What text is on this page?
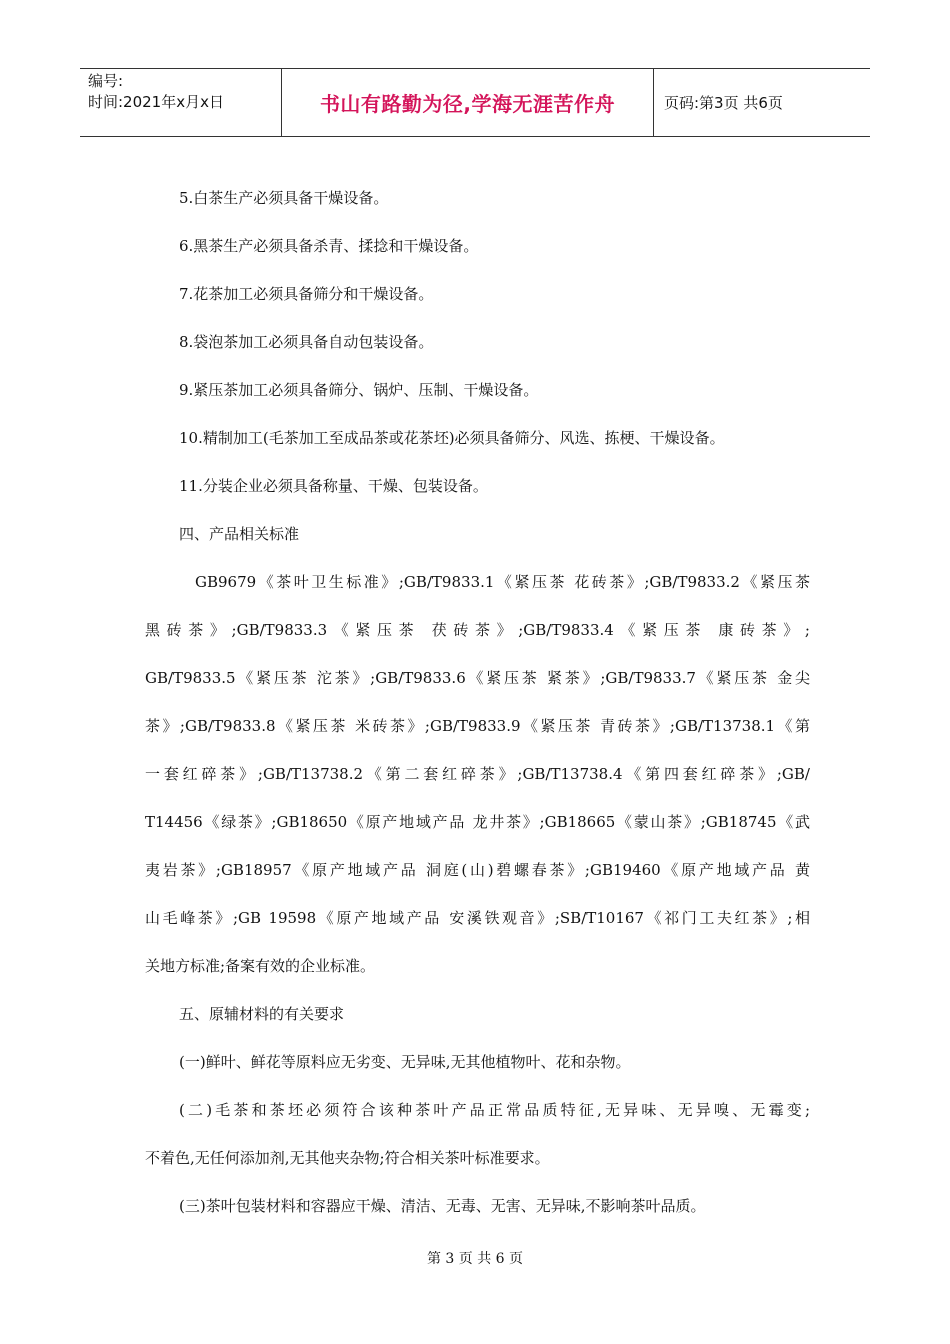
编号:
时间:2021年x月x日	书山有路勤为径,学海无涯苦作舟	页码:第3页 共6页

5.白茶生产必须具备干燥设备。

6.黑茶生产必须具备杀青、揉捻和干燥设备。

7.花茶加工必须具备筛分和干燥设备。

8.袋泡茶加工必须具备自动包装设备。

9.紧压茶加工必须具备筛分、锅炉、压制、干燥设备。

10.精制加工(毛茶加工至成品茶或花茶坯)必须具备筛分、风选、拣梗、干燥设备。

11.分装企业必须具备称量、干燥、包装设备。

四、产品相关标准

GB9679《茶叶卫生标准》;GB/T9833.1《紧压茶 花砖茶》;GB/T9833.2《紧压茶
黑砖茶》;GB/T9833.3《紧压茶 茯砖茶》;GB/T9833.4《紧压茶 康砖茶》;
GB/T9833.5《紧压茶 沱茶》;GB/T9833.6《紧压茶 紧茶》;GB/T9833.7《紧压茶 金尖
茶》;GB/T9833.8《紧压茶 米砖茶》;GB/T9833.9《紧压茶 青砖茶》;GB/T13738.1《第
一套红碎茶》;GB/T13738.2《第二套红碎茶》;GB/T13738.4《第四套红碎茶》;GB/
T14456《绿茶》;GB18650《原产地域产品 龙井茶》;GB18665《蒙山茶》;GB18745《武
夷岩茶》;GB18957《原产地域产品 洞庭(山)碧螺春茶》;GB19460《原产地域产品 黄
山毛峰茶》;GB 19598《原产地域产品 安溪铁观音》;SB/T10167《祁门工夫红茶》;相
关地方标准;备案有效的企业标准。

五、原辅材料的有关要求

(一)鲜叶、鲜花等原料应无劣变、无异味,无其他植物叶、花和杂物。

(二)毛茶和茶坯必须符合该种茶叶产品正常品质特征,无异味、无异嗅、无霉变;
不着色,无任何添加剂,无其他夹杂物;符合相关茶叶标准要求。

(三)茶叶包装材料和容器应干燥、清洁、无毒、无害、无异味,不影响茶叶品质。

第 3 页 共 6 页
